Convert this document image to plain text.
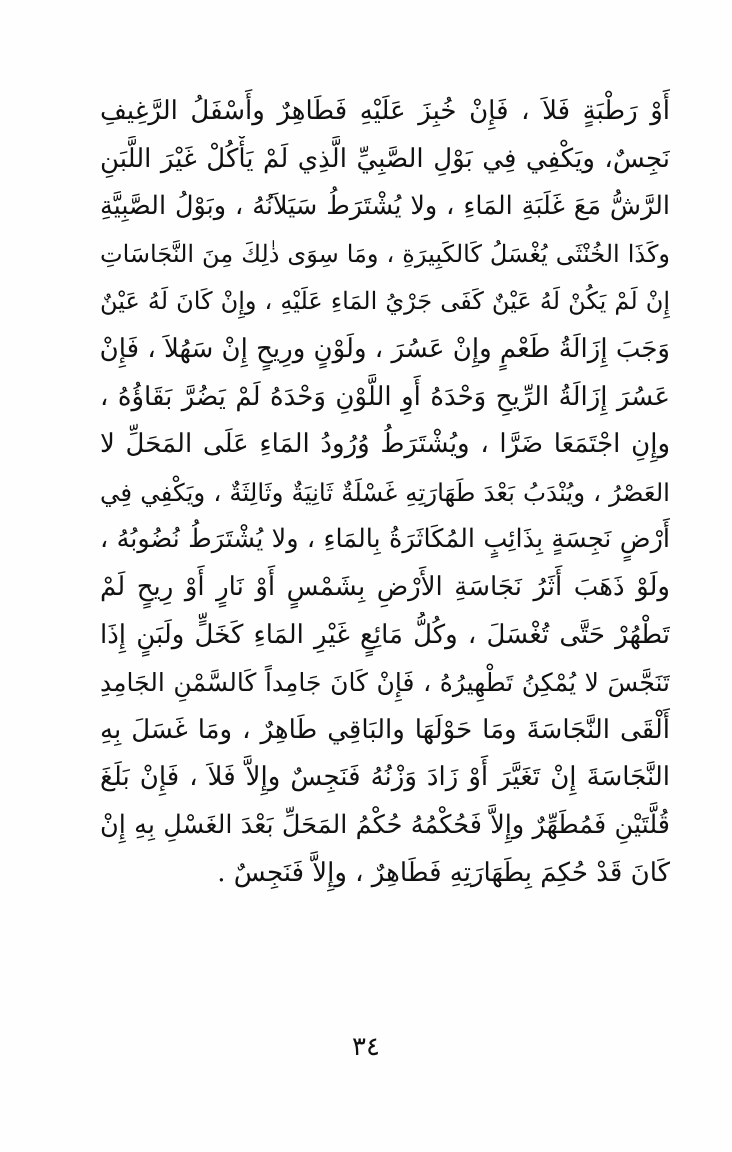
أَوْ رَطْبَةٍ فَلاَ ، فَإِنْ خُبِزَ عَلَيْهِ فَطَاهِرٌ وأَسْفَلُ الرَّغِيفِ
نَجِسٌ، ويَكْفِي فِي بَوْلِ الصَّبِيِّ الَّذِي لَمْ يَأْكُلْ غَيْرَ اللَّبَنِ
الرَّشُّ مَعَ غَلَبَةِ المَاءِ ، ولا يُشْتَرَطُ سَيَلاَنُهُ ، وبَوْلُ الصَّبِيَّةِ
وكَذَا الخُنْثَى يُغْسَلُ كَالكَبِيرَةِ ، ومَا سِوَى ذٰلِكَ مِنَ النَّجَاسَاتِ
إِنْ لَمْ يَكُنْ لَهُ عَيْنٌ كَفَى جَرْيُ المَاءِ عَلَيْهِ ، وإِنْ كَانَ لَهُ عَيْنٌ
وَجَبَ إِزَالَةُ طَعْمٍ وإِنْ عَسُرَ ، ولَوْنٍ ورِيحٍ إِنْ سَهُلاَ ، فَإِنْ
عَسُرَ إِزَالَةُ الرِّيحِ وَحْدَهُ أَوِ اللَّوْنِ وَحْدَهُ لَمْ يَضُرَّ بَقَاؤُهُ ،
وإِنِ اجْتَمَعَا ضَرَّا ، ويُشْتَرَطُ وُرُودُ المَاءِ عَلَى المَحَلِّ لا
العَصْرُ ، ويُنْدَبُ بَعْدَ طَهَارَتِهِ غَسْلَةٌ ثَانِيَةٌ وثَالِثَةٌ ، ويَكْفِي فِي
أَرْضٍ نَجِسَةٍ بِذَائِبٍ المُكَاثَرَةُ بِالمَاءِ ، ولا يُشْتَرَطُ نُضُوبُهُ ،
ولَوْ ذَهَبَ أَثَرُ نَجَاسَةِ الأَرْضِ بِشَمْسٍ أَوْ نَارٍ أَوْ رِيحٍ لَمْ
تَطْهُرْ حَتَّى تُغْسَلَ ، وكُلُّ مَائِعٍ غَيْرِ المَاءِ كَخَلٍّ ولَبَنٍ إِذَا
تَنَجَّسَ لا يُمْكِنُ تَطْهِيرُهُ ، فَإِنْ كَانَ جَامِداً كَالسَّمْنِ الجَامِدِ
أَلْقَى النَّجَاسَةَ ومَا حَوْلَهَا والبَاقِي طَاهِرٌ ، ومَا غَسَلَ بِهِ
النَّجَاسَةَ إِنْ تَغَيَّرَ أَوْ زَادَ وَزْنُهُ فَنَجِسٌ وإِلاَّ فَلاَ ، فَإِنْ بَلَغَ
قُلَّتَيْنِ فَمُطَهِّرٌ وإِلاَّ فَحُكْمُهُ حُكْمُ المَحَلِّ بَعْدَ الغَسْلِ بِهِ إِنْ
كَانَ قَدْ حُكِمَ بِطَهَارَتِهِ فَطَاهِرٌ ، وإِلاَّ فَنَجِسٌ .
٣٤
